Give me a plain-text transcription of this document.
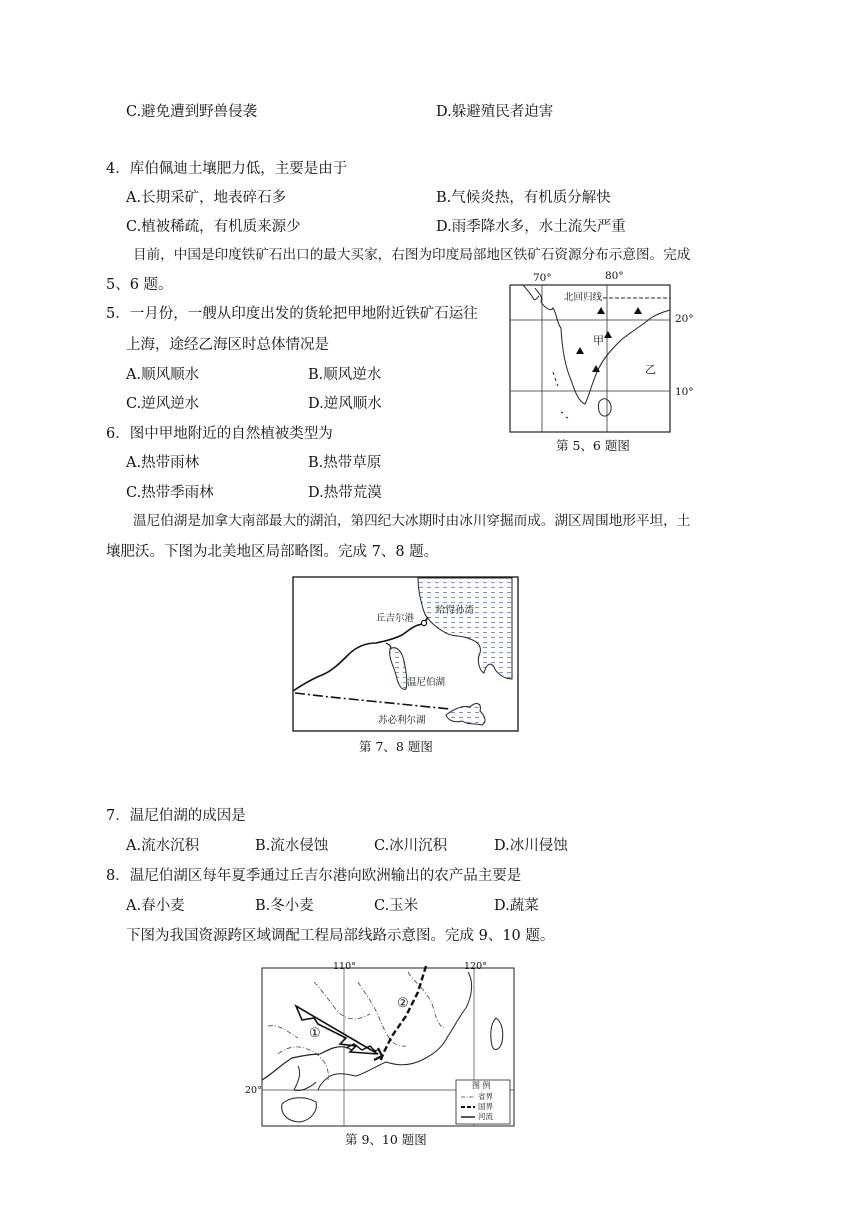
C.避免遭到野兽侵袭	D.躲避殖民者迫害
4．库伯佩迪土壤肥力低，主要是由于
A.长期采矿，地表碎石多	B.气候炎热，有机质分解快
C.植被稀疏，有机质来源少	D.雨季降水多，水土流失严重
目前，中国是印度铁矿石出口的最大买家，右图为印度局部地区铁矿石资源分布示意图。完成
5、6 题。
5．一月份，一艘从印度出发的货轮把甲地附近铁矿石运往
上海，途经乙海区时总体情况是
A.顺风顺水	B.顺风逆水
C.逆风逆水	D.逆风顺水
6．图中甲地附近的自然植被类型为
A.热带雨林	B.热带草原
C.热带季雨林	D.热带荒漠
70°	80°
北回归线
20°
10°
甲
乙
第 5、6 题图
温尼伯湖是加拿大南部最大的湖泊，第四纪大冰期时由冰川穿掘而成。湖区周围地形平坦，土
壤肥沃。下图为北美地区局部略图。完成 7、8 题。
哈得孙湾
丘吉尔港
温尼伯湖
苏必利尔湖
第 7、8 题图
7．温尼伯湖的成因是
A.流水沉积	B.流水侵蚀	C.冰川沉积	D.冰川侵蚀
8．温尼伯湖区每年夏季通过丘吉尔港向欧洲输出的农产品主要是
A.春小麦	B.冬小麦	C.玉米	D.蔬菜
下图为我国资源跨区域调配工程局部线路示意图。完成 9、10 题。
110°	120°
20°
①
②
图 例
省界
国界
河流
第 9、10 题图
